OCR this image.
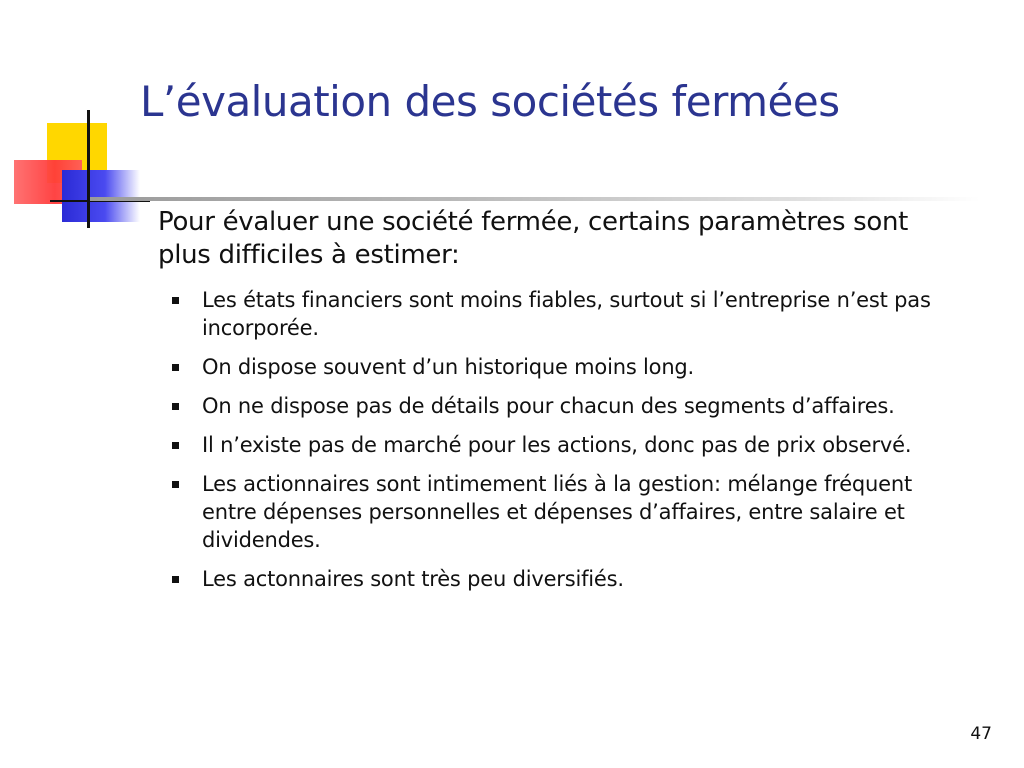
L’évaluation des sociétés fermées

Pour évaluer une société fermée, certains paramètres sont plus difficiles à estimer:

Les états financiers sont moins fiables, surtout si l’entreprise n’est pas incorporée.
On dispose souvent d’un historique moins long.
On ne dispose pas de détails pour chacun des segments d’affaires.
Il n’existe pas de marché pour les actions, donc pas de prix observé.
Les actionnaires sont intimement liés à la gestion: mélange fréquent entre dépenses personnelles et dépenses d’affaires, entre salaire et dividendes.
Les actonnaires sont très peu diversifiés.
47
